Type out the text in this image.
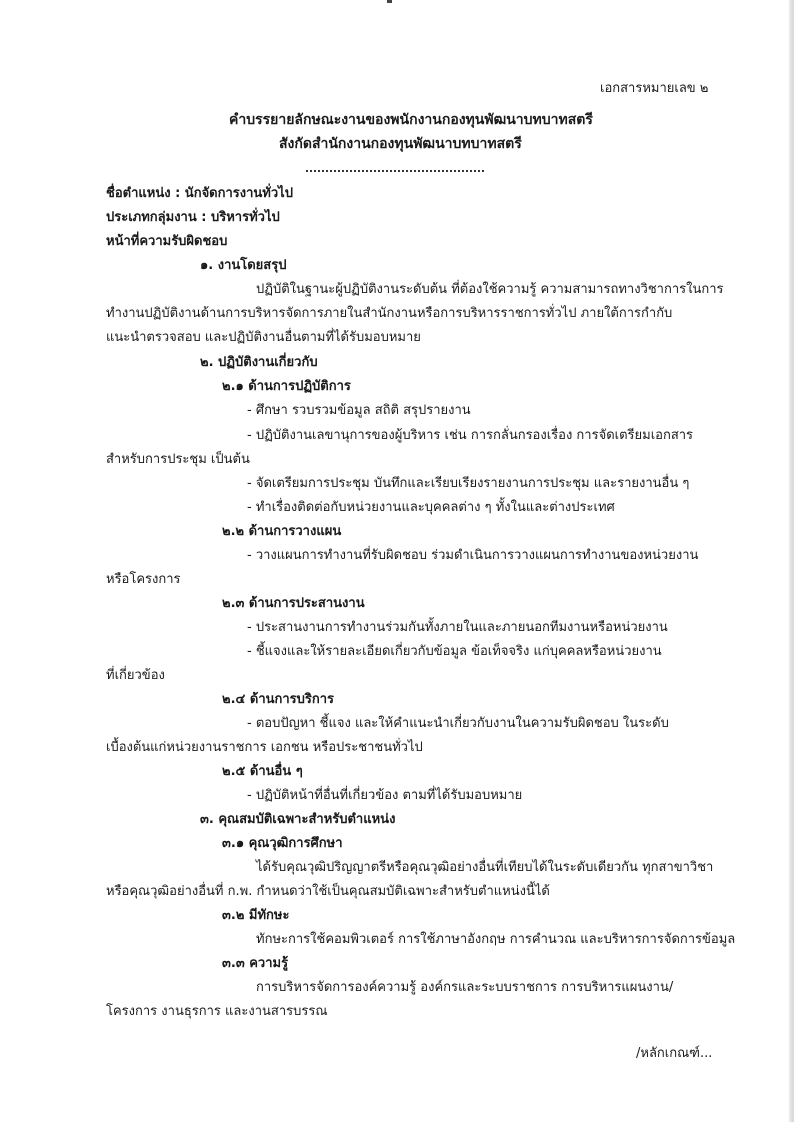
เอกสารหมายเลข ๒
คำบรรยายลักษณะงานของพนักงานกองทุนพัฒนาบทบาทสตรี
สังกัดสำนักงานกองทุนพัฒนาบทบาทสตรี
ชื่อตำแหน่ง : นักจัดการงานทั่วไป
ประเภทกลุ่มงาน : บริหารทั่วไป
หน้าที่ความรับผิดชอบ
๑. งานโดยสรุป
ปฏิบัติในฐานะผู้ปฏิบัติงานระดับต้น ที่ต้องใช้ความรู้ ความสามารถทางวิชาการในการ
ทำงานปฏิบัติงานด้านการบริหารจัดการภายในสำนักงานหรือการบริหารราชการทั่วไป ภายใต้การกำกับ
แนะนำตรวจสอบ และปฏิบัติงานอื่นตามที่ได้รับมอบหมาย
๒. ปฏิบัติงานเกี่ยวกับ
๒.๑ ด้านการปฏิบัติการ
- ศึกษา รวบรวมข้อมูล สถิติ สรุปรายงาน
- ปฏิบัติงานเลขานุการของผู้บริหาร เช่น การกลั่นกรองเรื่อง การจัดเตรียมเอกสาร
สำหรับการประชุม เป็นต้น
- จัดเตรียมการประชุม บันทึกและเรียบเรียงรายงานการประชุม และรายงานอื่น ๆ
- ทำเรื่องติดต่อกับหน่วยงานและบุคคลต่าง ๆ ทั้งในและต่างประเทศ
๒.๒ ด้านการวางแผน
- วางแผนการทำงานที่รับผิดชอบ ร่วมดำเนินการวางแผนการทำงานของหน่วยงาน
หรือโครงการ
๒.๓ ด้านการประสานงาน
- ประสานงานการทำงานร่วมกันทั้งภายในและภายนอกทีมงานหรือหน่วยงาน
- ชี้แจงและให้รายละเอียดเกี่ยวกับข้อมูล ข้อเท็จจริง แก่บุคคลหรือหน่วยงาน
ที่เกี่ยวข้อง
๒.๔ ด้านการบริการ
- ตอบปัญหา ชี้แจง และให้คำแนะนำเกี่ยวกับงานในความรับผิดชอบ ในระดับ
เบื้องต้นแก่หน่วยงานราชการ เอกชน หรือประชาชนทั่วไป
๒.๕ ด้านอื่น ๆ
- ปฏิบัติหน้าที่อื่นที่เกี่ยวข้อง ตามที่ได้รับมอบหมาย
๓. คุณสมบัติเฉพาะสำหรับตำแหน่ง
๓.๑ คุณวุฒิการศึกษา
ได้รับคุณวุฒิปริญญาตรีหรือคุณวุฒิอย่างอื่นที่เทียบได้ในระดับเดียวกัน ทุกสาขาวิชา
หรือคุณวุฒิอย่างอื่นที่ ก.พ. กำหนดว่าใช้เป็นคุณสมบัติเฉพาะสำหรับตำแหน่งนี้ได้
๓.๒ มีทักษะ
ทักษะการใช้คอมพิวเตอร์ การใช้ภาษาอังกฤษ การคำนวณ และบริหารการจัดการข้อมูล
๓.๓ ความรู้
การบริหารจัดการองค์ความรู้ องค์กรและระบบราชการ การบริหารแผนงาน/
โครงการ งานธุรการ และงานสารบรรณ
/หลักเกณฑ์...
